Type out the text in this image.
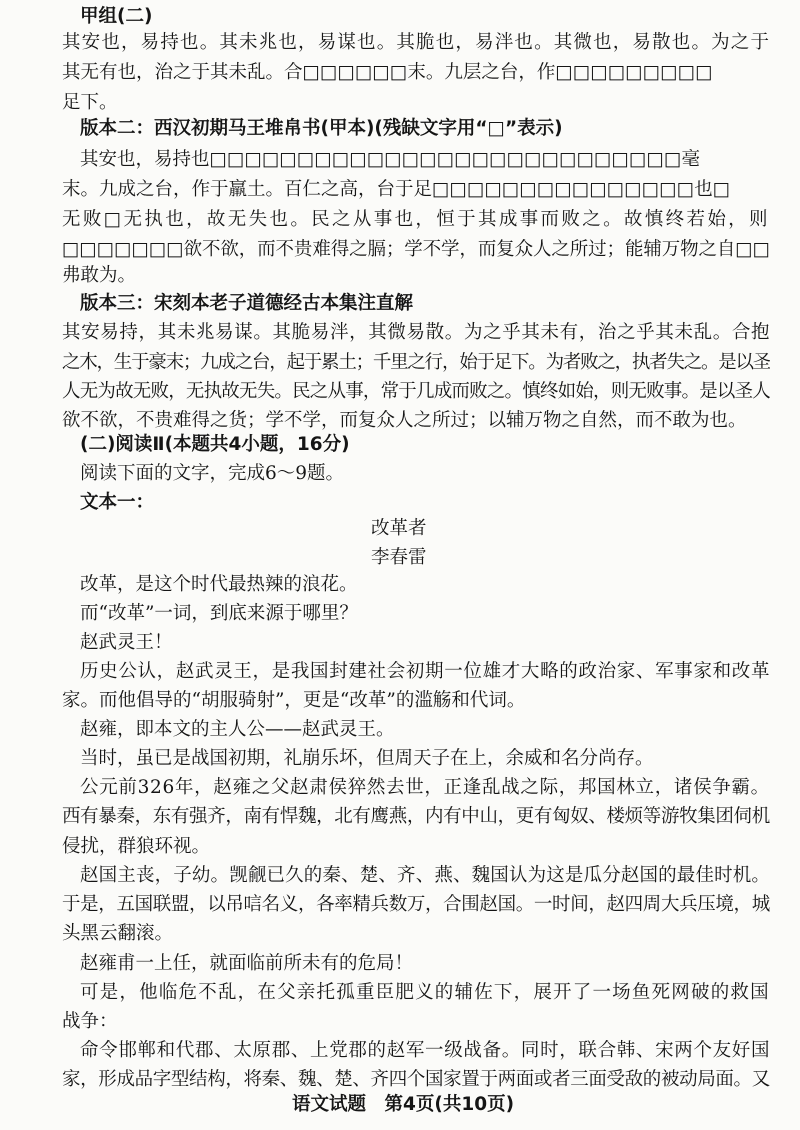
甲组(二)
其安也，易持也。其未兆也，易谋也。其脆也，易泮也。其微也，易散也。为之于
其无有也，治之于其未乱。合□□□□□□末。九层之台，作□□□□□□□□□
足下。
版本二：西汉初期马王堆帛书(甲本)(残缺文字用“□”表示)
其安也，易持也□□□□□□□□□□□□□□□□□□□□□□□□□□□毫
末。九成之台，作于羸土。百仁之高，台于足□□□□□□□□□□□□□□□也□
无败□无执也，故无失也。民之从事也，恒于其成事而败之。故慎终若始，则
□□□□□□□欲不欲，而不贵难得之膈；学不学，而复众人之所过；能辅万物之自□□
弗敢为。
版本三：宋刻本老子道德经古本集注直解
其安易持，其未兆易谋。其脆易泮，其微易散。为之乎其未有，治之乎其未乱。合抱
之木，生于豪末；九成之台，起于累土；千里之行，始于足下。为者败之，执者失之。是以圣
人无为故无败，无执故无失。民之从事，常于几成而败之。慎终如始，则无败事。是以圣人
欲不欲，不贵难得之货；学不学，而复众人之所过；以辅万物之自然，而不敢为也。
(二)阅读Ⅱ(本题共4小题，16分)
阅读下面的文字，完成6～9题。
文本一：
改革者
李春雷
改革，是这个时代最热辣的浪花。
而“改革”一词，到底来源于哪里？
赵武灵王！
历史公认，赵武灵王，是我国封建社会初期一位雄才大略的政治家、军事家和改革
家。而他倡导的“胡服骑射”，更是“改革”的滥觞和代词。
赵雍，即本文的主人公——赵武灵王。
当时，虽已是战国初期，礼崩乐坏，但周天子在上，余威和名分尚存。
公元前326年，赵雍之父赵肃侯猝然去世，正逢乱战之际，邦国林立，诸侯争霸。
西有暴秦，东有强齐，南有悍魏，北有鹰燕，内有中山，更有匈奴、楼烦等游牧集团伺机
侵扰，群狼环视。
赵国主丧，子幼。觊觎已久的秦、楚、齐、燕、魏国认为这是瓜分赵国的最佳时机。
于是，五国联盟，以吊唁名义，各率精兵数万，合围赵国。一时间，赵四周大兵压境，城
头黑云翻滚。
赵雍甫一上任，就面临前所未有的危局！
可是，他临危不乱，在父亲托孤重臣肥义的辅佐下，展开了一场鱼死网破的救国
战争：
命令邯郸和代郡、太原郡、上党郡的赵军一级战备。同时，联合韩、宋两个友好国
家，形成品字型结构，将秦、魏、楚、齐四个国家置于两面或者三面受敌的被动局面。又
语文试题　第4页(共10页)
